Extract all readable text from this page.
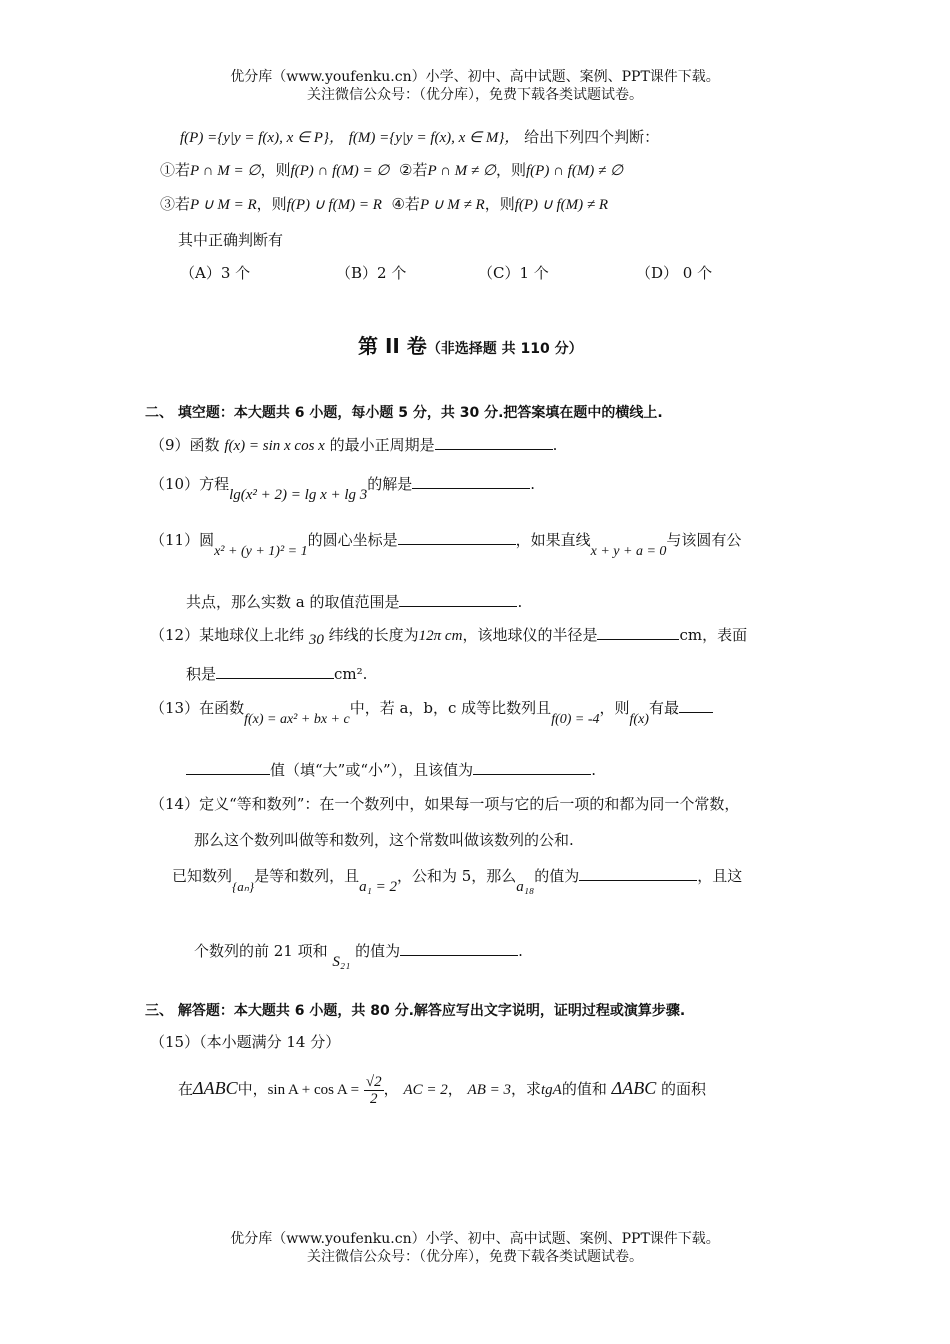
优分库（www.youfenku.cn）小学、初中、高中试题、案例、PPT课件下载。
关注微信公众号：（优分库），免费下载各类试题试卷。
f(P) ={y|y = f(x), x ∈ P}， f(M) ={y|y = f(x), x ∈ M}， 给出下列四个判断：
①若P ∩ M = ∅，则f(P) ∩ f(M) = ∅ ②若P ∩ M ≠ ∅，则f(P) ∩ f(M) ≠ ∅
③若P ∪ M = R，则f(P) ∪ f(M) = R ④若P ∪ M ≠ R，则f(P) ∪ f(M) ≠ R
其中正确判断有
（A）3 个	（B）2 个	（C）1 个	（D） 0 个
第 II 卷（非选择题 共 110 分）
二、 填空题：本大题共 6 小题，每小题 5 分，共 30 分.把答案填在题中的横线上.
（9）函数 f(x) = sin x cos x 的最小正周期是	.
（10）方程lg(x² + 2) = lg x + lg 3的解是	.
（11）圆x² + (y + 1)² = 1的圆心坐标是	，如果直线x + y + a = 0与该圆有公
共点，那么实数 a 的取值范围是	.
（12）某地球仪上北纬 30 纬线的长度为12π cm，该地球仪的半径是	cm，表面
积是	cm².
（13）在函数f(x) = ax² + bx + c中，若 a，b，c 成等比数列且f(0) = -4，则f(x)有最
值（填“大”或“小”），且该值为	.
（14）定义“等和数列”：在一个数列中，如果每一项与它的后一项的和都为同一个常数，
那么这个数列叫做等和数列，这个常数叫做该数列的公和.
已知数列{aₙ}是等和数列，且a₁ = 2，公和为 5，那么a₁₈的值为	，且这
个数列的前 21 项和 S₂₁ 的值为	.
三、 解答题：本大题共 6 小题，共 80 分.解答应写出文字说明，证明过程或演算步骤.
（15）（本小题满分 14 分）
在ΔABC中，$\sin A + \cos A = \frac{√2}{2}$ ， AC = 2， AB = 3，求tgA的值和 ΔABC 的面积
优分库（www.youfenku.cn）小学、初中、高中试题、案例、PPT课件下载。
关注微信公众号：（优分库），免费下载各类试题试卷。
